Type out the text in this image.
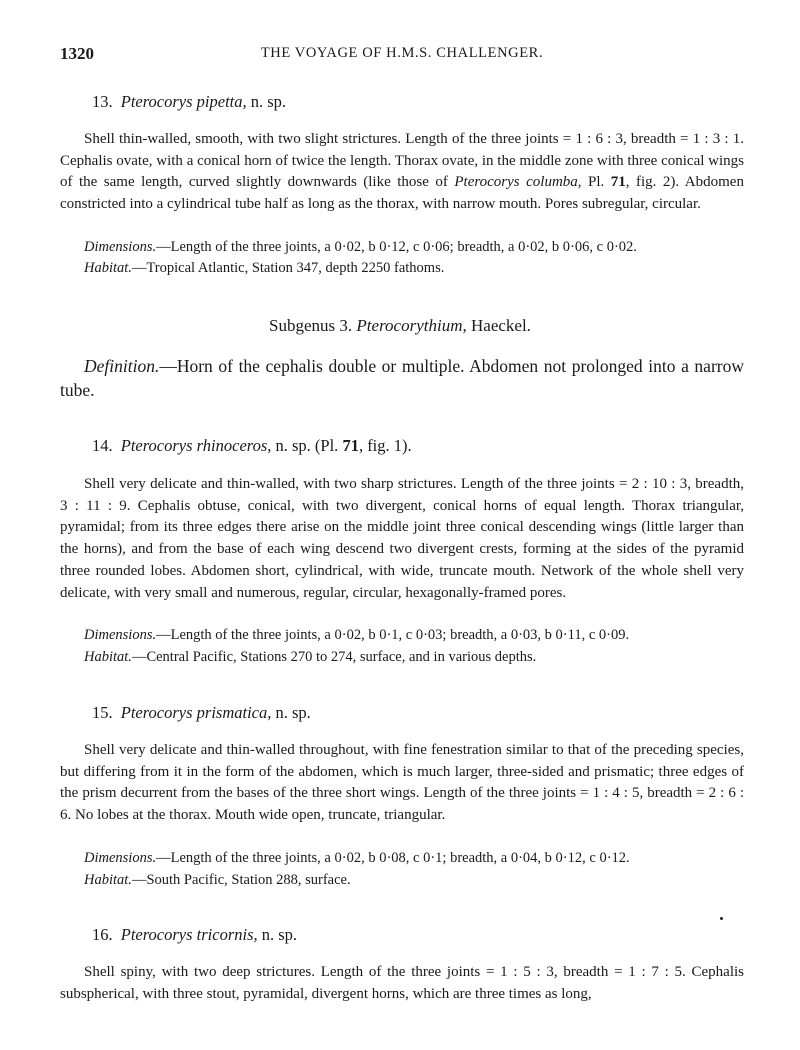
1320	THE VOYAGE OF H.M.S. CHALLENGER.
13. Pterocorys pipetta, n. sp.

Shell thin-walled, smooth, with two slight strictures. Length of the three joints = 1 : 6 : 3, breadth = 1 : 3 : 1. Cephalis ovate, with a conical horn of twice the length. Thorax ovate, in the middle zone with three conical wings of the same length, curved slightly downwards (like those of Pterocorys columba, Pl. 71, fig. 2). Abdomen constricted into a cylindrical tube half as long as the thorax, with narrow mouth. Pores subregular, circular.

Dimensions.—Length of the three joints, a 0·02, b 0·12, c 0·06; breadth, a 0·02, b 0·06, c 0·02.
Habitat.—Tropical Atlantic, Station 347, depth 2250 fathoms.
Subgenus 3. Pterocorythium, Haeckel.

Definition.—Horn of the cephalis double or multiple. Abdomen not prolonged into a narrow tube.

14. Pterocorys rhinoceros, n. sp. (Pl. 71, fig. 1).

Shell very delicate and thin-walled, with two sharp strictures. Length of the three joints = 2 : 10 : 3, breadth, 3 : 11 : 9. Cephalis obtuse, conical, with two divergent, conical horns of equal length. Thorax triangular, pyramidal; from its three edges there arise on the middle joint three conical descending wings (little larger than the horns), and from the base of each wing descend two divergent crests, forming at the sides of the pyramid three rounded lobes. Abdomen short, cylindrical, with wide, truncate mouth. Network of the whole shell very delicate, with very small and numerous, regular, circular, hexagonally-framed pores.

Dimensions.—Length of the three joints, a 0·02, b 0·1, c 0·03; breadth, a 0·03, b 0·11, c 0·09.
Habitat.—Central Pacific, Stations 270 to 274, surface, and in various depths.
15. Pterocorys prismatica, n. sp.

Shell very delicate and thin-walled throughout, with fine fenestration similar to that of the preceding species, but differing from it in the form of the abdomen, which is much larger, three-sided and prismatic; three edges of the prism decurrent from the bases of the three short wings. Length of the three joints = 1 : 4 : 5, breadth = 2 : 6 : 6. No lobes at the thorax. Mouth wide open, truncate, triangular.

Dimensions.—Length of the three joints, a 0·02, b 0·08, c 0·1; breadth, a 0·04, b 0·12, c 0·12.
Habitat.—South Pacific, Station 288, surface.
16. Pterocorys tricornis, n. sp.

Shell spiny, with two deep strictures. Length of the three joints = 1 : 5 : 3, breadth = 1 : 7 : 5. Cephalis subspherical, with three stout, pyramidal, divergent horns, which are three times as long,
